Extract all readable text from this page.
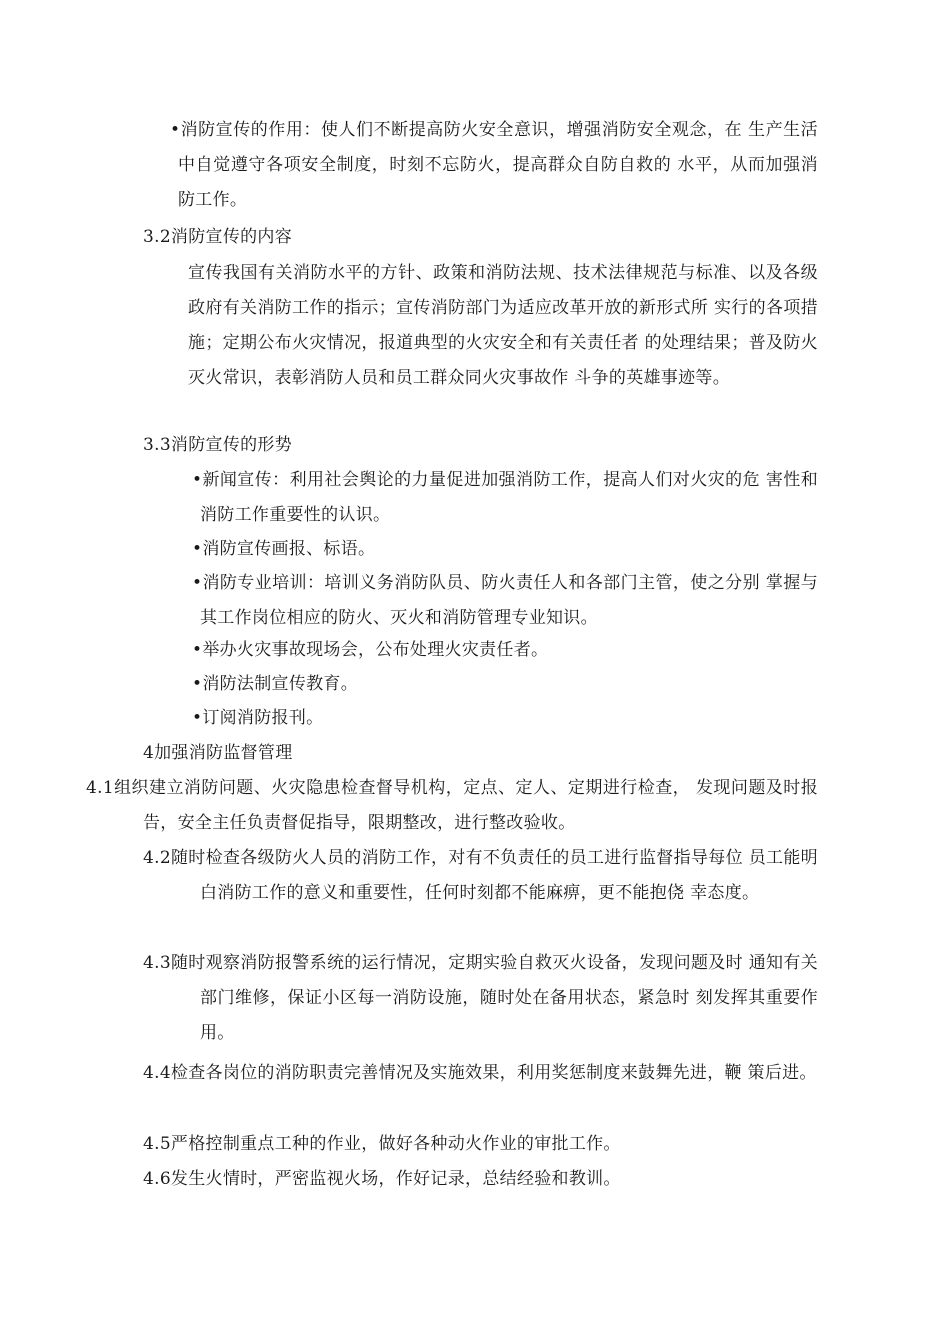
•消防宣传的作用：使人们不断提高防火安全意识，增强消防安全观念，在 生产生活中自觉遵守各项安全制度，时刻不忘防火，提高群众自防自救的 水平，从而加强消防工作。

3.2消防宣传的内容

宣传我国有关消防水平的方针、政策和消防法规、技术法律规范与标准、以及各级政府有关消防工作的指示；宣传消防部门为适应改革开放的新形式所 实行的各项措施；定期公布火灾情况，报道典型的火灾安全和有关责任者 的处理结果；普及防火灭火常识，表彰消防人员和员工群众同火灾事故作 斗争的英雄事迹等。

3.3消防宣传的形势

•新闻宣传：利用社会舆论的力量促进加强消防工作，提高人们对火灾的危 害性和消防工作重要性的认识。

•消防宣传画报、标语。

•消防专业培训：培训义务消防队员、防火责任人和各部门主管，使之分别 掌握与其工作岗位相应的防火、灭火和消防管理专业知识。

•举办火灾事故现场会，公布处理火灾责任者。

•消防法制宣传教育。

•订阅消防报刊。

4加强消防监督管理

4.1组织建立消防问题、火灾隐患检查督导机构，定点、定人、定期进行检查， 发现问题及时报告，安全主任负责督促指导，限期整改，进行整改验收。

4.2随时检查各级防火人员的消防工作，对有不负责任的员工进行监督指导每位 员工能明白消防工作的意义和重要性，任何时刻都不能麻痹，更不能抱侥 幸态度。

4.3随时观察消防报警系统的运行情况，定期实验自救灭火设备，发现问题及时 通知有关部门维修，保证小区每一消防设施，随时处在备用状态，紧急时 刻发挥其重要作用。

4.4检查各岗位的消防职责完善情况及实施效果，利用奖惩制度来鼓舞先进，鞭 策后进。

4.5严格控制重点工种的作业，做好各种动火作业的审批工作。

4.6发生火情时，严密监视火场，作好记录，总结经验和教训。
